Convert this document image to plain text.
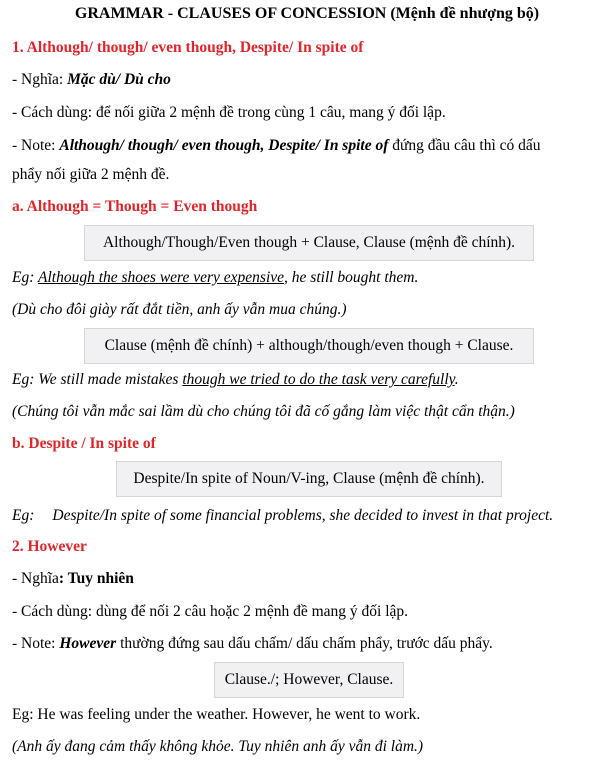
GRAMMAR - CLAUSES OF CONCESSION (Mệnh đề nhượng bộ)
1. Although/ though/ even though, Despite/ In spite of
- Nghĩa: Mặc dù/ Dù cho
- Cách dùng: để nối giữa 2 mệnh đề trong cùng 1 câu, mang ý đối lập.
- Note: Although/ though/ even though, Despite/ In spite of đứng đầu câu thì có dấu
phẩy nối giữa 2 mệnh đề.
a. Although = Though = Even though
Although/Though/Even though + Clause, Clause (mệnh đề chính).
Eg: Although the shoes were very expensive, he still bought them.
(Dù cho đôi giày rất đắt tiền, anh ấy vẫn mua chúng.)
Clause (mệnh đề chính) + although/though/even though + Clause.
Eg: We still made mistakes though we tried to do the task very carefully.
(Chúng tôi vẫn mắc sai lầm dù cho chúng tôi đã cố gắng làm việc thật cẩn thận.)
b. Despite / In spite of
Despite/In spite of Noun/V-ing, Clause (mệnh đề chính).
Eg: Despite/In spite of some financial problems, she decided to invest in that project.
2. However
- Nghĩa: Tuy nhiên
- Cách dùng: dùng để nối 2 câu hoặc 2 mệnh đề mang ý đối lập.
- Note: However thường đứng sau dấu chấm/ dấu chấm phẩy, trước dấu phẩy.
Clause./; However, Clause.
Eg: He was feeling under the weather. However, he went to work.
(Anh ấy đang cảm thấy không khỏe. Tuy nhiên anh ấy vẫn đi làm.)
